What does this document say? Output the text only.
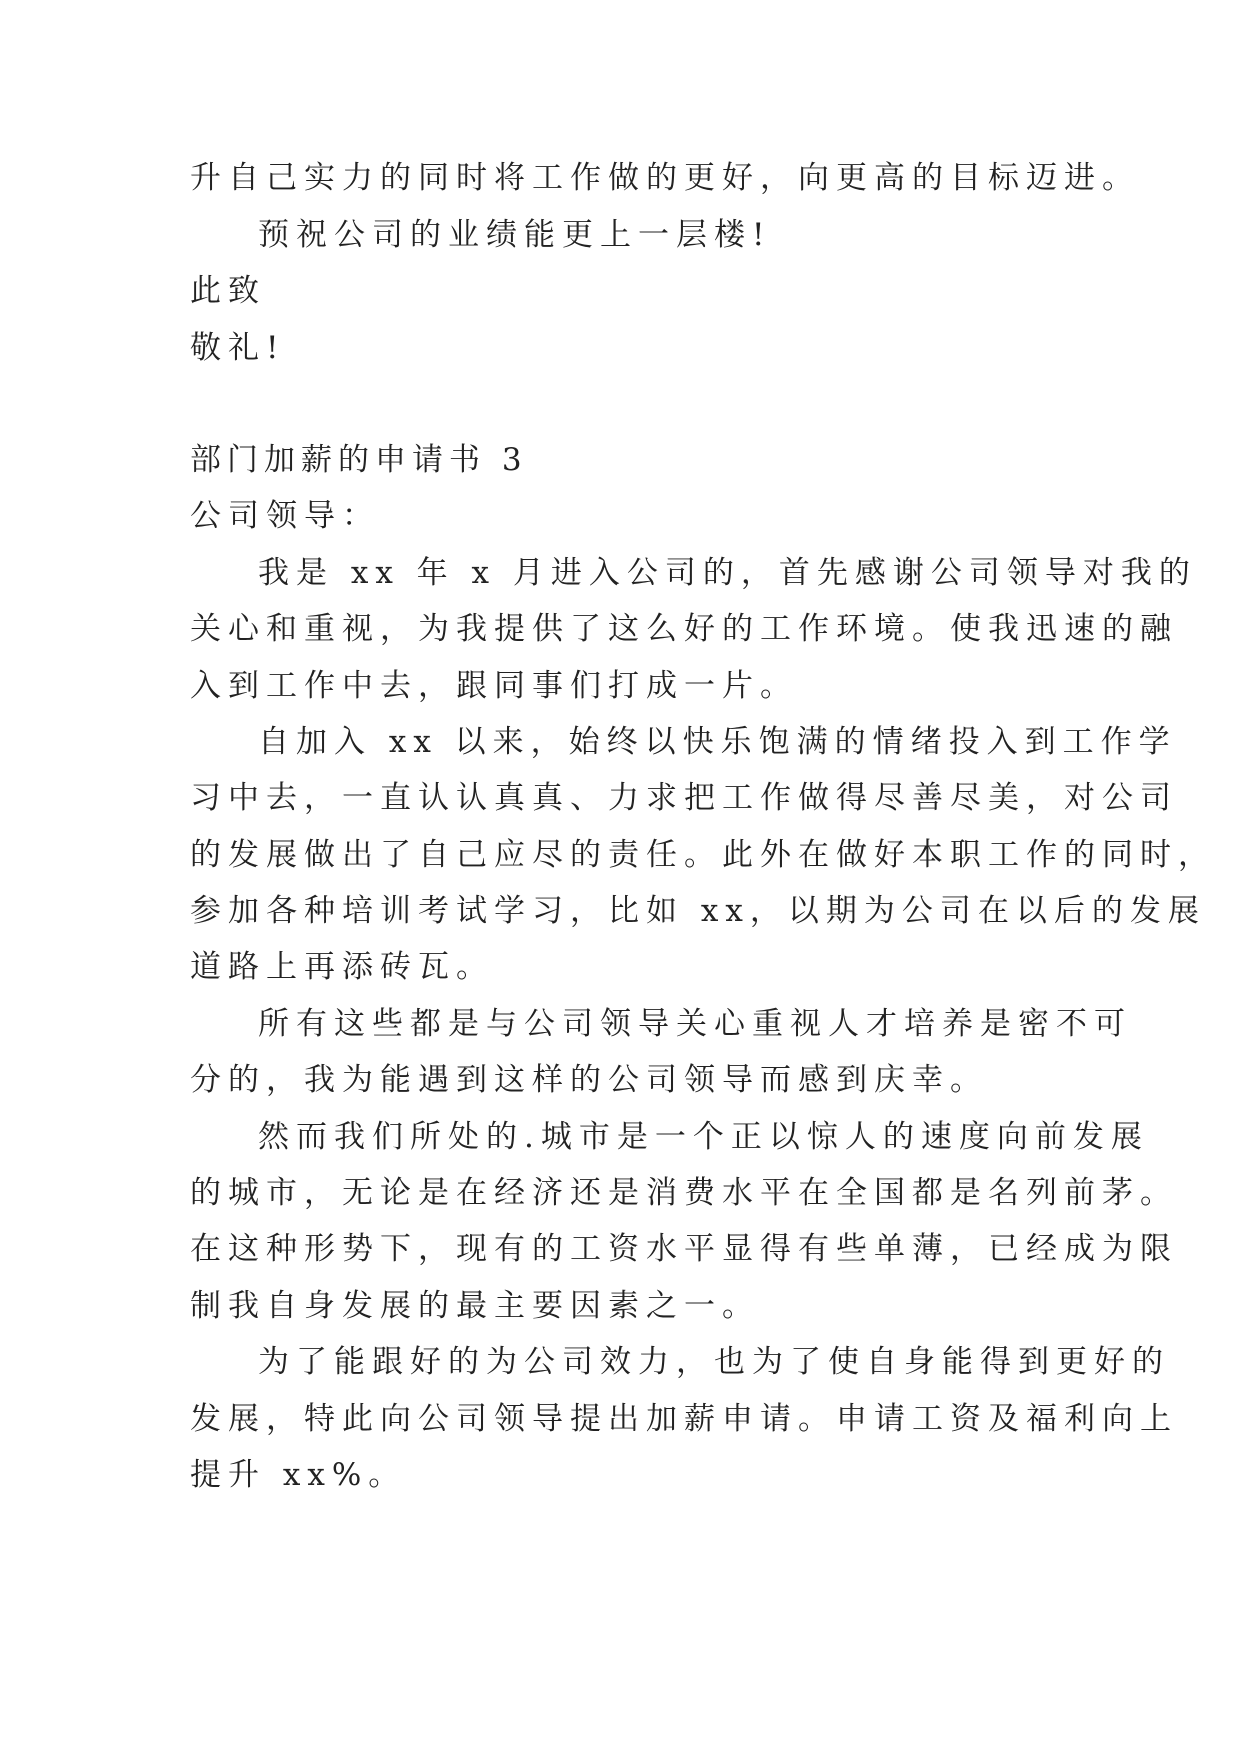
升自己实力的同时将工作做的更好，向更高的目标迈进。
预祝公司的业绩能更上一层楼!
此致
敬礼!
部门加薪的申请书 3
公司领导：
我是 xx 年 x 月进入公司的，首先感谢公司领导对我的
关心和重视，为我提供了这么好的工作环境。使我迅速的融
入到工作中去，跟同事们打成一片。
自加入 xx 以来，始终以快乐饱满的情绪投入到工作学
习中去，一直认认真真、力求把工作做得尽善尽美，对公司
的发展做出了自己应尽的责任。此外在做好本职工作的同时，
参加各种培训考试学习，比如 xx，以期为公司在以后的发展
道路上再添砖瓦。
所有这些都是与公司领导关心重视人才培养是密不可
分的，我为能遇到这样的公司领导而感到庆幸。
然而我们所处的.城市是一个正以惊人的速度向前发展
的城市，无论是在经济还是消费水平在全国都是名列前茅。
在这种形势下，现有的工资水平显得有些单薄，已经成为限
制我自身发展的最主要因素之一。
为了能跟好的为公司效力，也为了使自身能得到更好的
发展，特此向公司领导提出加薪申请。申请工资及福利向上
提升 xx%。
